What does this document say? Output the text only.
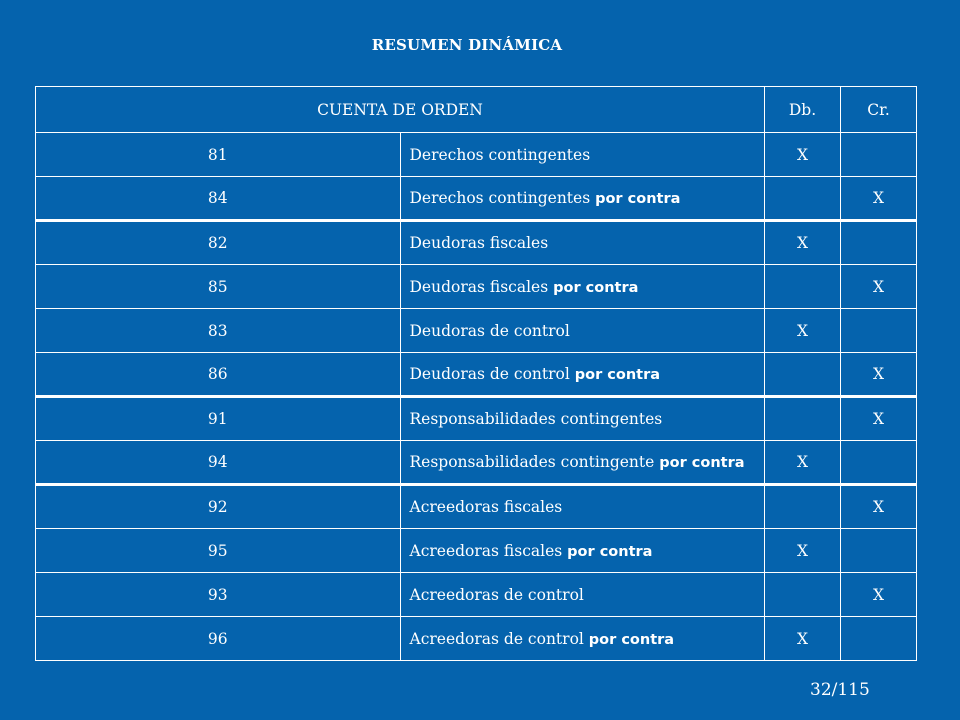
RESUMEN DINÁMICA
CUENTA DE ORDEN		Db.	Cr.
81	Derechos contingentes	X	
84	Derechos contingentes por contra		X
82	Deudoras fiscales	X	
85	Deudoras fiscales por contra		X
83	Deudoras de control	X	
86	Deudoras de control por contra		X
91	Responsabilidades contingentes		X
94	Responsabilidades contingente por contra	X	
92	Acreedoras fiscales		X
95	Acreedoras fiscales por contra	X	
93	Acreedoras de control		X
96	Acreedoras de control por contra	X	
32/115
